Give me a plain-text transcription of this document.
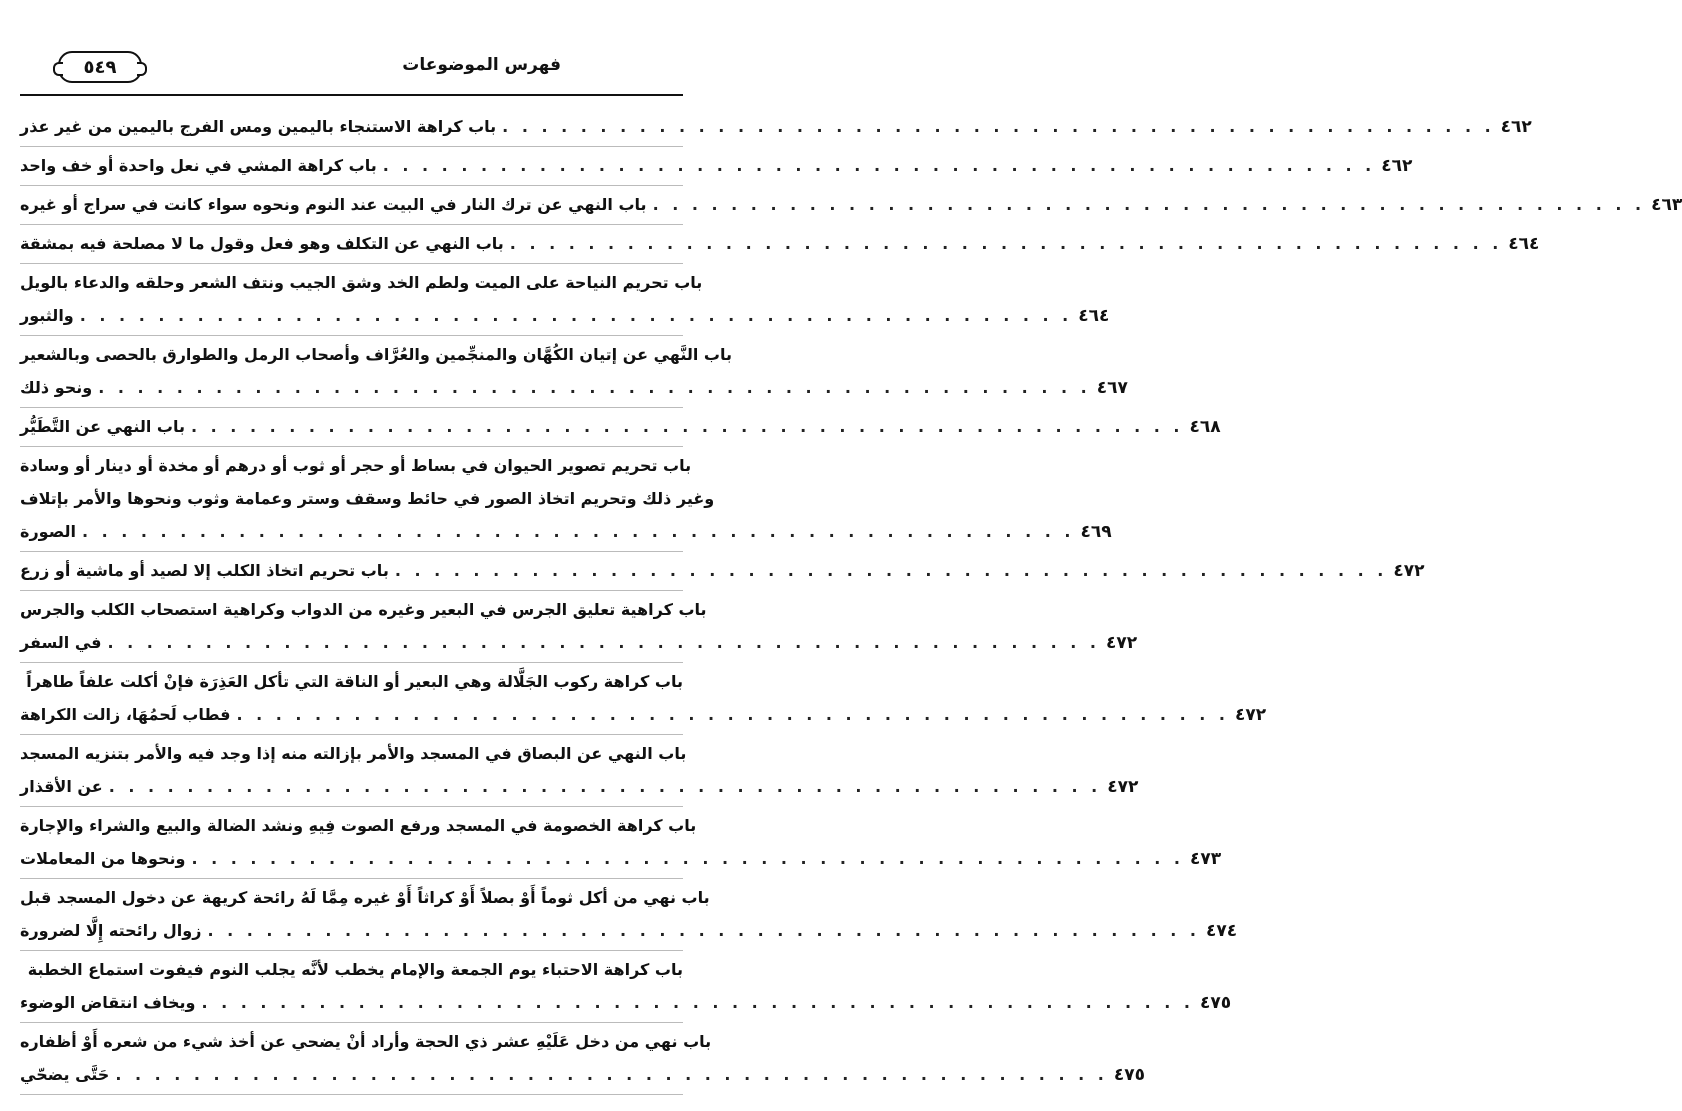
فهرس الموضوعات
٥٤٩
باب كراهة الاستنجاء باليمين ومس الفرج باليمين من غير عذر . . . . . . . . . . . . . . . . . . . . . . . . . . . . . . . . . . . . . . . . . . . . . . . . . . . ٤٦٢
باب كراهة المشي في نعل واحدة أو خف واحد . . . . . . . . . . . . . . . . . . . . . . . . . . . . . . . . . . . . . . . . . . . . . . . . . . . ٤٦٢
باب النهي عن ترك النار في البيت عند النوم ونحوه سواء كانت في سراج أو غيره . . . . . . . . . . . . . . . . . . . . . . . . . . . . . . . . . . . . . . . . . . . . . . . . . . . ٤٦٣
باب النهي عن التكلف وهو فعل وقول ما لا مصلحة فيه بمشقة . . . . . . . . . . . . . . . . . . . . . . . . . . . . . . . . . . . . . . . . . . . . . . . . . . . ٤٦٤
باب تحريم النياحة على الميت ولطم الخد وشق الجيب ونتف الشعر وحلقه والدعاء بالويل
والثبور . . . . . . . . . . . . . . . . . . . . . . . . . . . . . . . . . . . . . . . . . . . . . . . . . . . ٤٦٤
باب النَّهي عن إتيان الكُهَّان والمنجِّمين والعُرَّاف وأصحاب الرمل والطوارق بالحصى وبالشعير
ونحو ذلك . . . . . . . . . . . . . . . . . . . . . . . . . . . . . . . . . . . . . . . . . . . . . . . . . . . ٤٦٧
باب النهي عن التَّطَيُّر . . . . . . . . . . . . . . . . . . . . . . . . . . . . . . . . . . . . . . . . . . . . . . . . . . . ٤٦٨
باب تحريم تصوير الحيوان في بساط أو حجر أو ثوب أو درهم أو مخدة أو دينار أو وسادة
وغير ذلك وتحريم اتخاذ الصور في حائط وسقف وستر وعمامة وثوب ونحوها والأمر بإتلاف
الصورة . . . . . . . . . . . . . . . . . . . . . . . . . . . . . . . . . . . . . . . . . . . . . . . . . . . ٤٦٩
باب تحريم اتخاذ الكلب إلا لصيد أو ماشية أو زرع . . . . . . . . . . . . . . . . . . . . . . . . . . . . . . . . . . . . . . . . . . . . . . . . . . . ٤٧٢
باب كراهية تعليق الجرس في البعير وغيره من الدواب وكراهية استصحاب الكلب والجرس
في السفر . . . . . . . . . . . . . . . . . . . . . . . . . . . . . . . . . . . . . . . . . . . . . . . . . . . ٤٧٢
باب كراهة ركوب الجَلَّالة وهي البعير أو الناقة التي تأكل العَذِرَة فإنْ أكلت علفاً طاهراً
فطاب لَحمُهَا، زالت الكراهة . . . . . . . . . . . . . . . . . . . . . . . . . . . . . . . . . . . . . . . . . . . . . . . . . . . ٤٧٢
باب النهي عن البصاق في المسجد والأمر بإزالته منه إذا وجد فيه والأمر بتنزيه المسجد
عن الأقذار . . . . . . . . . . . . . . . . . . . . . . . . . . . . . . . . . . . . . . . . . . . . . . . . . . . ٤٧٢
باب كراهة الخصومة في المسجد ورفع الصوت فِيهِ ونشد الضالة والبيع والشراء والإجارة
ونحوها من المعاملات . . . . . . . . . . . . . . . . . . . . . . . . . . . . . . . . . . . . . . . . . . . . . . . . . . . ٤٧٣
باب نهي من أكل ثوماً أَوْ بصلاً أَوْ كراثاً أَوْ غيره مِمَّا لَهُ رائحة كريهة عن دخول المسجد قبل
زوال رائحته إِلَّا لضرورة . . . . . . . . . . . . . . . . . . . . . . . . . . . . . . . . . . . . . . . . . . . . . . . . . . . ٤٧٤
باب كراهة الاحتباء يوم الجمعة والإمام يخطب لأنَّه يجلب النوم فيفوت استماع الخطبة
ويخاف انتقاض الوضوء . . . . . . . . . . . . . . . . . . . . . . . . . . . . . . . . . . . . . . . . . . . . . . . . . . . ٤٧٥
باب نهي من دخل عَلَيْهِ عشر ذي الحجة وأراد أنْ يضحي عن أخذ شيء من شعره أَوْ أظفاره
حَتَّى يضحّي . . . . . . . . . . . . . . . . . . . . . . . . . . . . . . . . . . . . . . . . . . . . . . . . . . . ٤٧٥
